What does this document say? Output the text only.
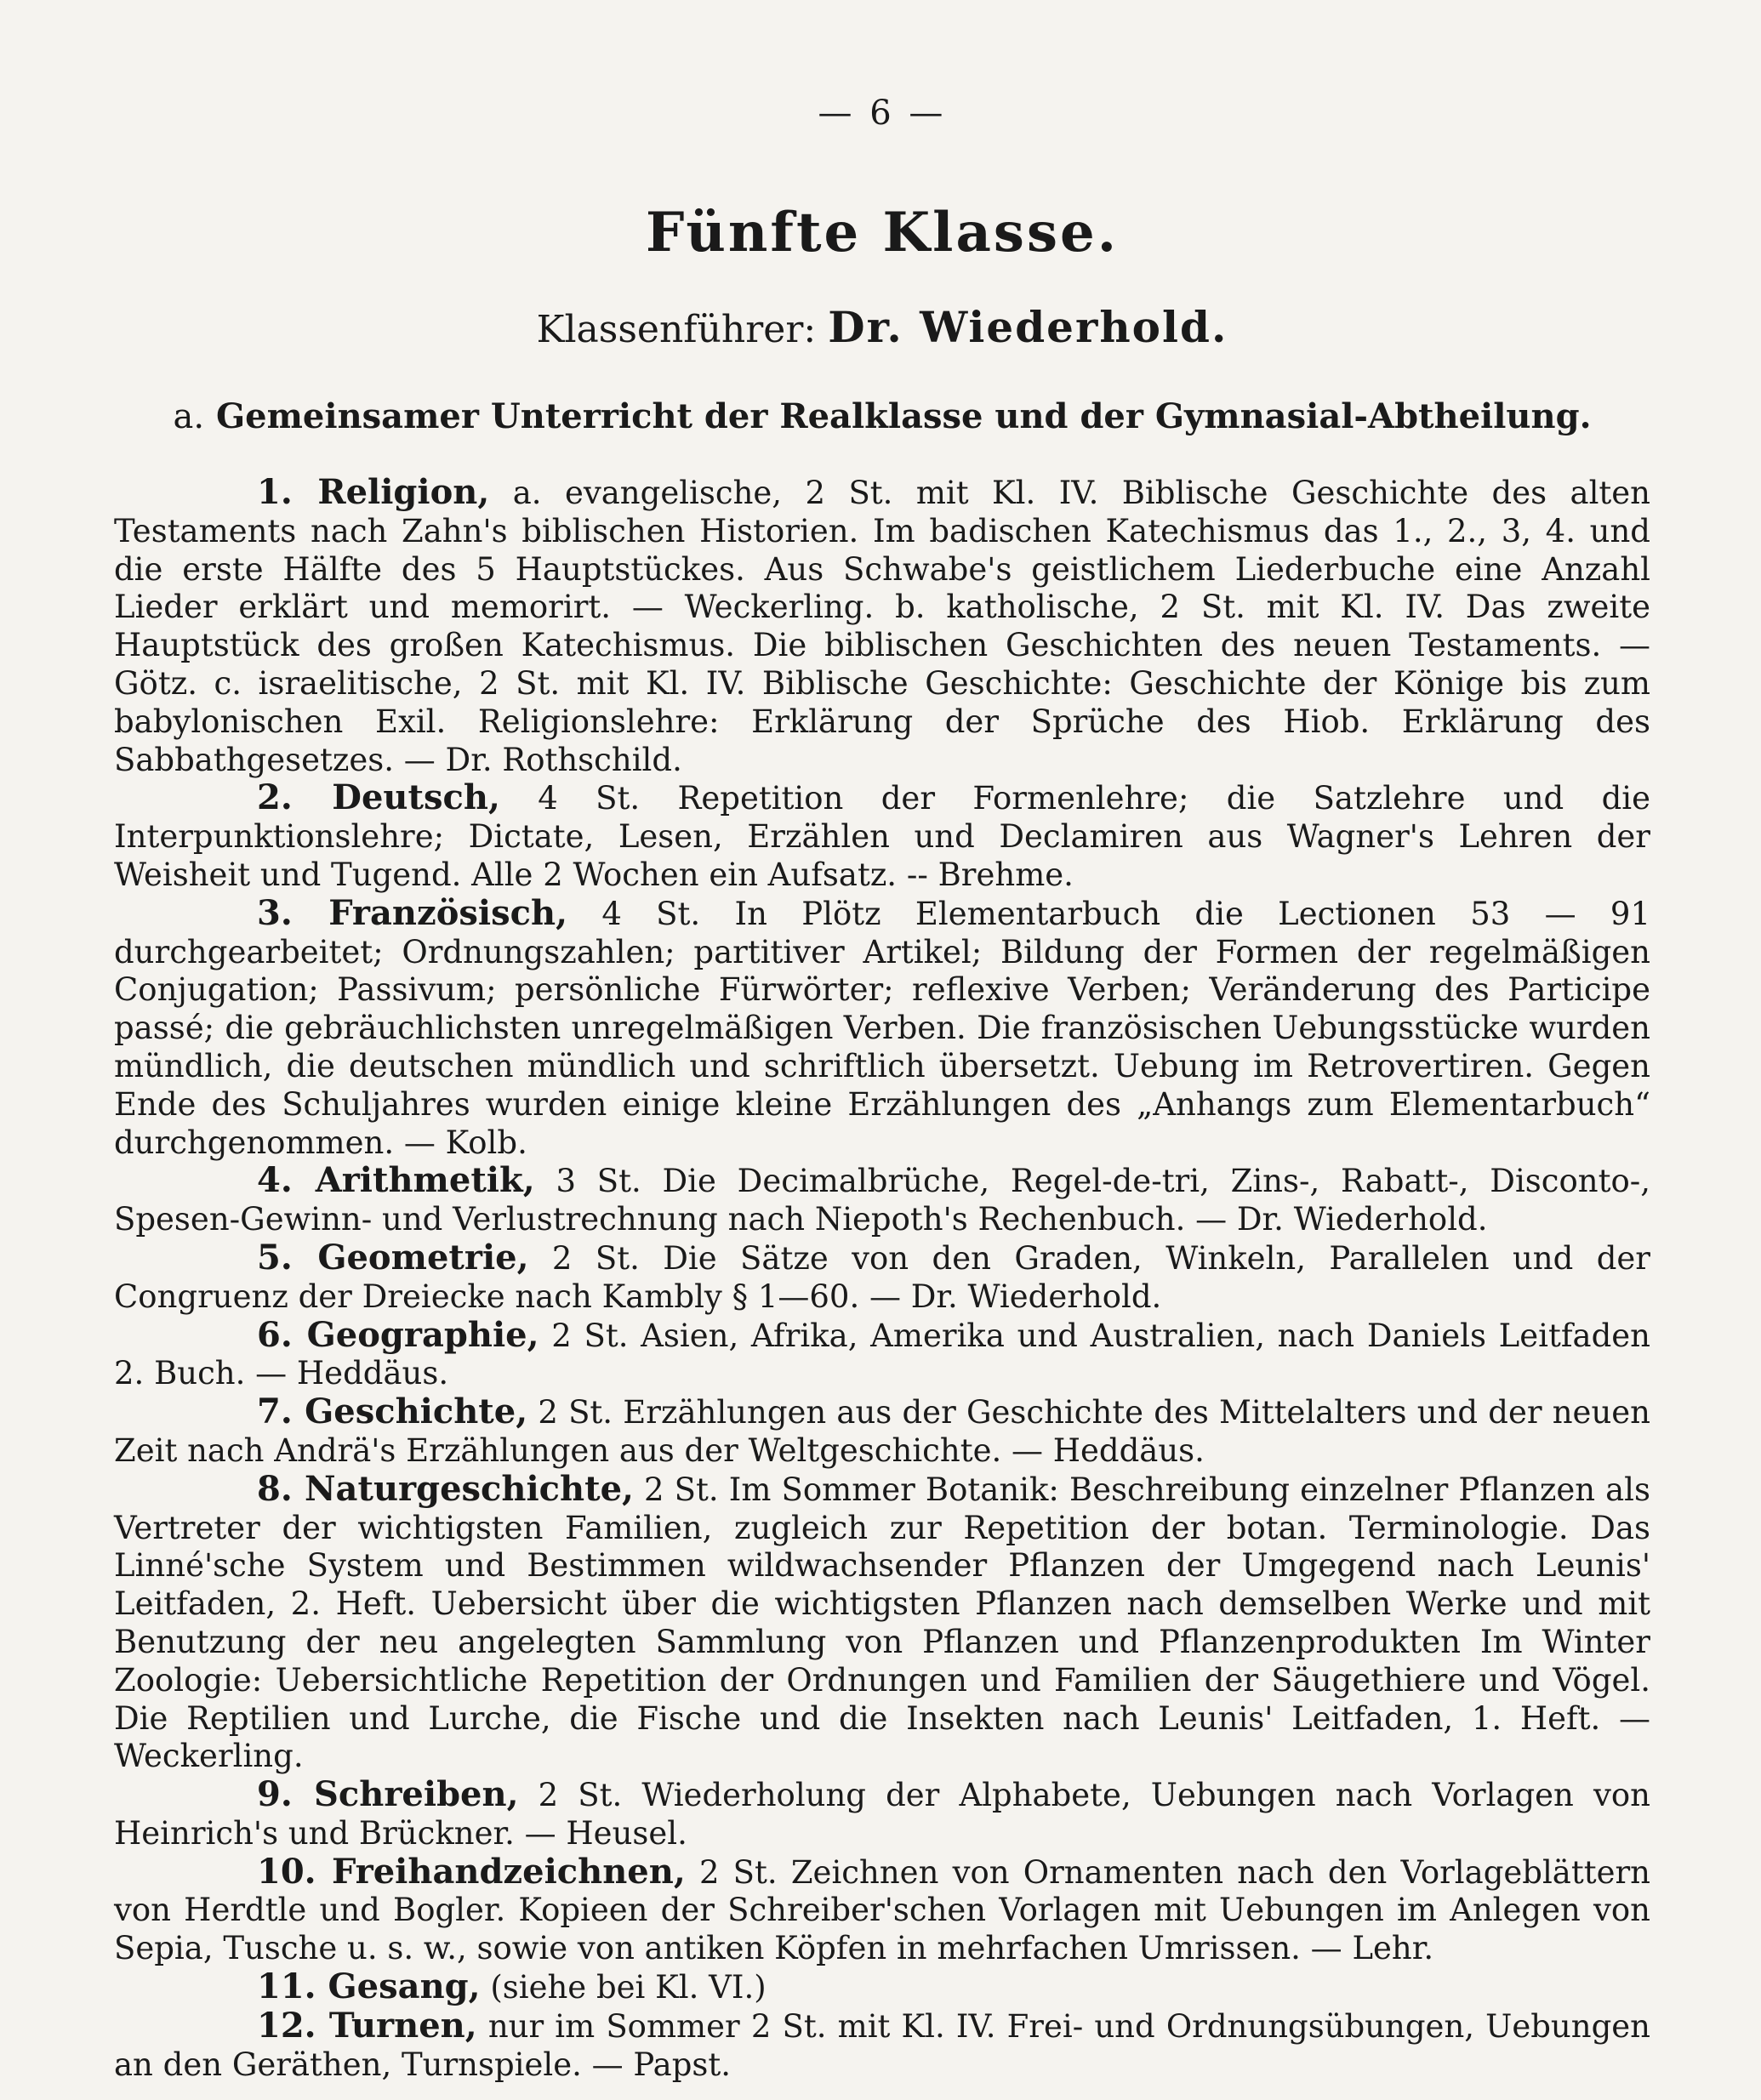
— 6 —
Fünfte Klasse.
Klassenführer: Dr. Wiederhold.
a. Gemeinsamer Unterricht der Realklasse und der Gymnasial-Abtheilung.

1. Religion, a. evangelische, 2 St. mit Kl. IV. Biblische Geschichte des alten Testaments nach Zahn's biblischen Historien. Im badischen Katechismus das 1., 2., 3, 4. und die erste Hälfte des 5 Hauptstückes. Aus Schwabe's geistlichem Liederbuche eine Anzahl Lieder erklärt und memorirt. — Weckerling. b. katholische, 2 St. mit Kl. IV. Das zweite Hauptstück des großen Katechismus. Die biblischen Geschichten des neuen Testaments. — Götz. c. israelitische, 2 St. mit Kl. IV. Biblische Geschichte: Geschichte der Könige bis zum babylonischen Exil. Religionslehre: Erklärung der Sprüche des Hiob. Erklärung des Sabbathgesetzes. — Dr. Rothschild.

2. Deutsch, 4 St. Repetition der Formenlehre; die Satzlehre und die Interpunktionslehre; Dictate, Lesen, Erzählen und Declamiren aus Wagner's Lehren der Weisheit und Tugend. Alle 2 Wochen ein Aufsatz. -- Brehme.

3. Französisch, 4 St. In Plötz Elementarbuch die Lectionen 53 — 91 durchgearbeitet; Ordnungszahlen; partitiver Artikel; Bildung der Formen der regelmäßigen Conjugation; Passivum; persönliche Fürwörter; reflexive Verben; Veränderung des Participe passé; die gebräuchlichsten unregelmäßigen Verben. Die französischen Uebungsstücke wurden mündlich, die deutschen mündlich und schriftlich übersetzt. Uebung im Retrovertiren. Gegen Ende des Schuljahres wurden einige kleine Erzählungen des „Anhangs zum Elementarbuch“ durchgenommen. — Kolb.

4. Arithmetik, 3 St. Die Decimalbrüche, Regel-de-tri, Zins-, Rabatt-, Disconto-, Spesen-Gewinn- und Verlustrechnung nach Niepoth's Rechenbuch. — Dr. Wiederhold.

5. Geometrie, 2 St. Die Sätze von den Graden, Winkeln, Parallelen und der Congruenz der Dreiecke nach Kambly § 1—60. — Dr. Wiederhold.

6. Geographie, 2 St. Asien, Afrika, Amerika und Australien, nach Daniels Leitfaden 2. Buch. — Heddäus.

7. Geschichte, 2 St. Erzählungen aus der Geschichte des Mittelalters und der neuen Zeit nach Andrä's Erzählungen aus der Weltgeschichte. — Heddäus.

8. Naturgeschichte, 2 St. Im Sommer Botanik: Beschreibung einzelner Pflanzen als Vertreter der wichtigsten Familien, zugleich zur Repetition der botan. Terminologie. Das Linné'sche System und Bestimmen wildwachsender Pflanzen der Umgegend nach Leunis' Leitfaden, 2. Heft. Uebersicht über die wichtigsten Pflanzen nach demselben Werke und mit Benutzung der neu angelegten Sammlung von Pflanzen und Pflanzenprodukten Im Winter Zoologie: Uebersichtliche Repetition der Ordnungen und Familien der Säugethiere und Vögel. Die Reptilien und Lurche, die Fische und die Insekten nach Leunis' Leitfaden, 1. Heft. — Weckerling.

9. Schreiben, 2 St. Wiederholung der Alphabete, Uebungen nach Vorlagen von Heinrich's und Brückner. — Heusel.

10. Freihandzeichnen, 2 St. Zeichnen von Ornamenten nach den Vorlageblättern von Herdtle und Bogler. Kopieen der Schreiber'schen Vorlagen mit Uebungen im Anlegen von Sepia, Tusche u. s. w., sowie von antiken Köpfen in mehrfachen Umrissen. — Lehr.

11. Gesang, (siehe bei Kl. VI.)

12. Turnen, nur im Sommer 2 St. mit Kl. IV. Frei- und Ordnungsübungen, Uebungen an den Geräthen, Turnspiele. — Papst.
